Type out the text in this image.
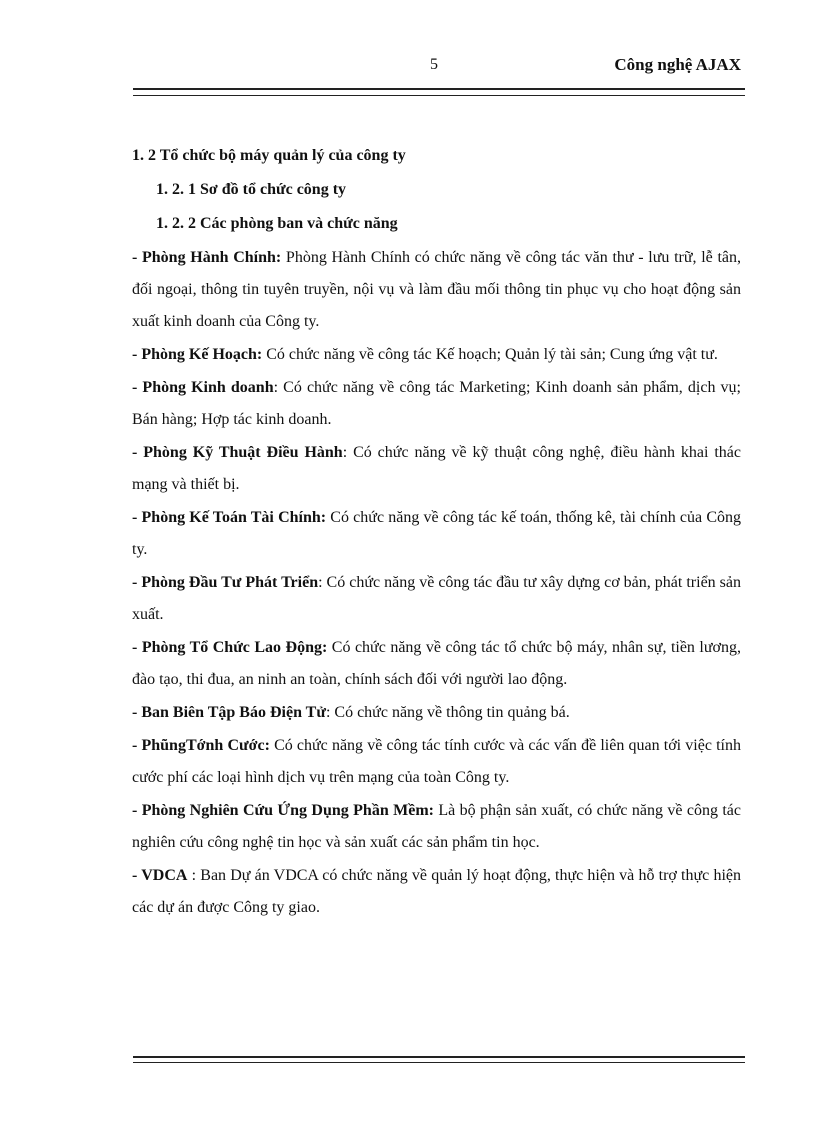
5	Công nghệ AJAX
1. 2 Tổ chức bộ máy quản lý của công ty
1. 2. 1 Sơ đồ tổ chức công ty
1. 2. 2 Các phòng ban và chức năng

- Phòng Hành Chính: Phòng Hành Chính có chức năng về công tác văn thư - lưu trữ, lễ tân, đối ngoại, thông tin tuyên truyền, nội vụ và làm đầu mối thông tin phục vụ cho hoạt động sản xuất kinh doanh của Công ty.

- Phòng Kế Hoạch: Có chức năng về công tác Kế hoạch; Quản lý tài sản; Cung ứng vật tư.

- Phòng Kinh doanh: Có chức năng về công tác Marketing; Kinh doanh sản phẩm, dịch vụ; Bán hàng; Hợp tác kinh doanh.

- Phòng Kỹ Thuật Điều Hành: Có chức năng về kỹ thuật công nghệ, điều hành khai thác mạng và thiết bị.

- Phòng Kế Toán Tài Chính: Có chức năng về công tác kế toán, thống kê, tài chính của Công ty.

- Phòng Đầu Tư Phát Triển: Có chức năng về công tác đầu tư xây dựng cơ bản, phát triển sản xuất.

- Phòng Tổ Chức Lao Động: Có chức năng về công tác tổ chức bộ máy, nhân sự, tiền lương, đào tạo, thi đua, an ninh an toàn, chính sách đối với người lao động.

- Ban Biên Tập Báo Điện Tử: Có chức năng về thông tin quảng bá.

- PhũngTớnh Cước: Có chức năng về công tác tính cước và các vấn đề liên quan tới việc tính cước phí các loại hình dịch vụ trên mạng của toàn Công ty.

- Phòng Nghiên Cứu Ứng Dụng Phần Mềm: Là bộ phận sản xuất, có chức năng về công tác nghiên cứu công nghệ tin học và sản xuất các sản phẩm tin học.

- VDCA : Ban Dự án VDCA có chức năng về quản lý hoạt động, thực hiện và hỗ trợ thực hiện các dự án được Công ty giao.
